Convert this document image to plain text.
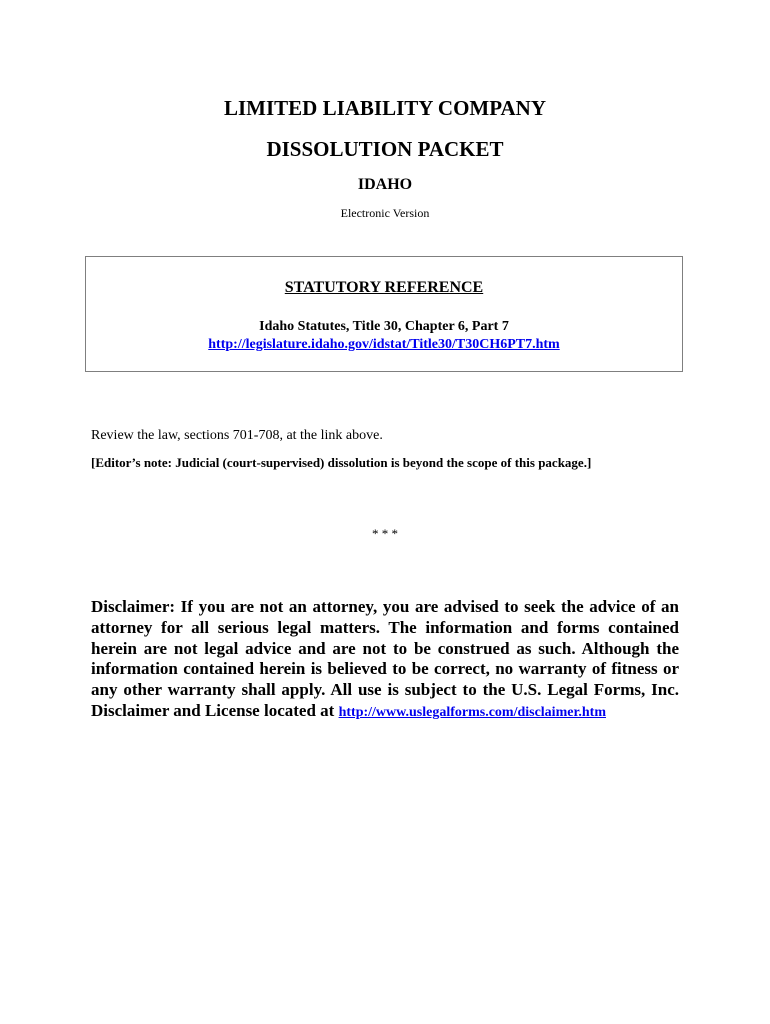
LIMITED LIABILITY COMPANY
DISSOLUTION PACKET
IDAHO
Electronic Version
STATUTORY REFERENCE
Idaho Statutes, Title 30, Chapter 6, Part 7
http://legislature.idaho.gov/idstat/Title30/T30CH6PT7.htm
Review the law, sections 701-708, at the link above.
[Editor’s note: Judicial (court-supervised) dissolution is beyond the scope of this package.]
* * *
Disclaimer: If you are not an attorney, you are advised to seek the advice of an attorney for all serious legal matters. The information and forms contained herein are not legal advice and are not to be construed as such. Although the information contained herein is believed to be correct, no warranty of fitness or any other warranty shall apply. All use is subject to the U.S. Legal Forms, Inc. Disclaimer and License located at http://www.uslegalforms.com/disclaimer.htm
